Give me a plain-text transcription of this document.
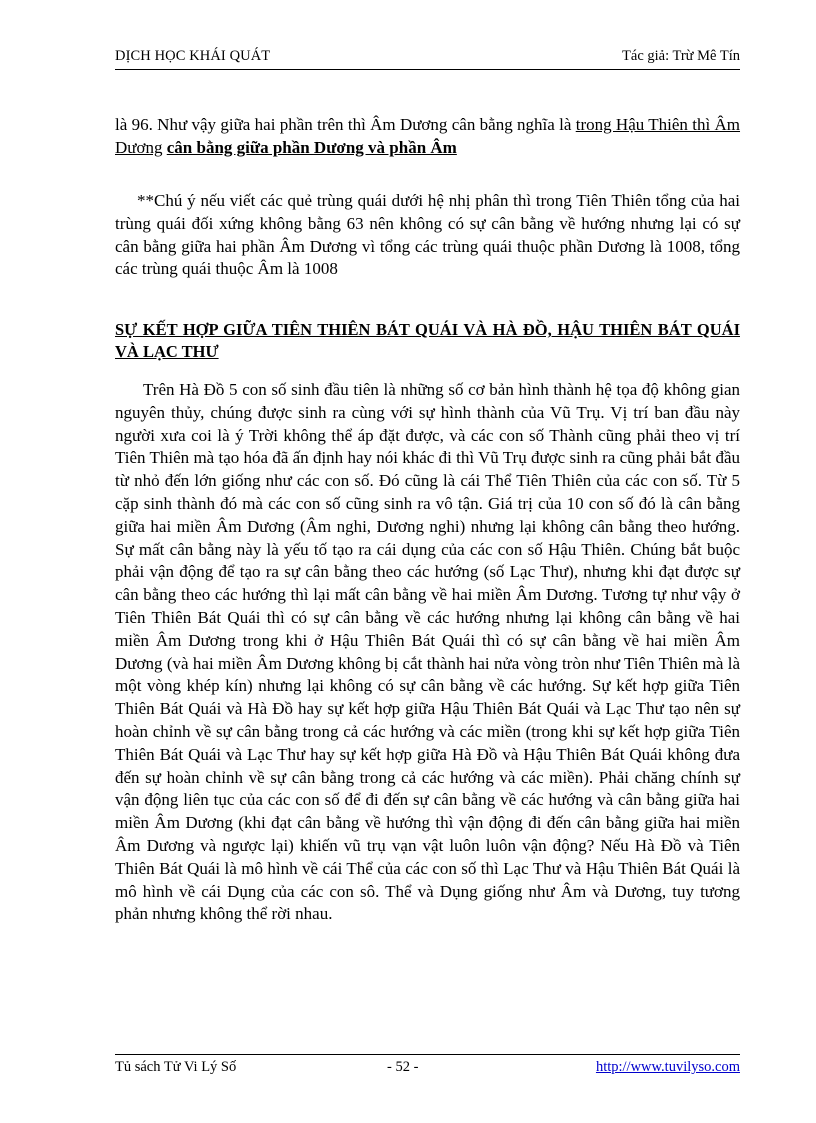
DỊCH HỌC KHÁI QUÁT	Tác giả: Trừ Mê Tín
là 96. Như vậy giữa hai phần trên thì Âm Dương cân bằng nghĩa là trong Hậu Thiên thì Âm Dương cân bằng giữa phần Dương và phần Âm
**Chú ý nếu viết các quẻ trùng quái dưới hệ nhị phân thì trong Tiên Thiên tổng của hai trùng quái đối xứng không bằng 63 nên không có sự cân bằng về hướng nhưng lại có sự cân bằng giữa hai phần Âm Dương vì tổng các trùng quái thuộc phần Dương là 1008, tổng các trùng quái thuộc Âm là 1008
SỰ KẾT HỢP GIỮA TIÊN THIÊN BÁT QUÁI VÀ HÀ ĐỒ, HẬU THIÊN BÁT QUÁI VÀ LẠC THƯ
Trên Hà Đồ 5 con số sinh đầu tiên là những số cơ bản hình thành hệ tọa độ không gian nguyên thủy, chúng được sinh ra cùng với sự hình thành của Vũ Trụ. Vị trí ban đầu này người xưa coi là ý Trời không thể áp đặt được, và các con số Thành cũng phải theo vị trí Tiên Thiên mà tạo hóa đã ấn định hay nói khác đi thì Vũ Trụ được sinh ra cũng phải bắt đầu từ nhỏ đến lớn giống như các con số. Đó cũng là cái Thể Tiên Thiên của các con số. Từ 5 cặp sinh thành đó mà các con số cũng sinh ra vô tận. Giá trị của 10 con số đó là cân bằng giữa hai miền Âm Dương (Âm nghi, Dương nghi) nhưng lại không cân bằng theo hướng. Sự mất cân bằng này là yếu tố tạo ra cái dụng của các con số Hậu Thiên. Chúng bắt buộc phải vận động để tạo ra sự cân bằng theo các hướng (số Lạc Thư), nhưng khi đạt được sự cân bằng theo các hướng thì lại mất cân bằng về hai miền Âm Dương. Tương tự như vậy ở Tiên Thiên Bát Quái thì có sự cân bằng về các hướng nhưng lại không cân bằng về hai miền Âm Dương trong khi ở Hậu Thiên Bát Quái thì có sự cân bằng về hai miền Âm Dương (và hai miền Âm Dương không bị cắt thành hai nửa vòng tròn như Tiên Thiên mà là một vòng khép kín) nhưng lại không có sự cân bằng về các hướng. Sự kết hợp giữa Tiên Thiên Bát Quái và Hà Đồ hay sự kết hợp giữa Hậu Thiên Bát Quái và Lạc Thư tạo nên sự hoàn chỉnh về sự cân bằng trong cả các hướng và các miền (trong khi sự kết hợp giữa Tiên Thiên Bát Quái và Lạc Thư hay sự kết hợp giữa Hà Đồ và Hậu Thiên Bát Quái không đưa đến sự hoàn chỉnh về sự cân bằng trong cả các hướng và các miền). Phải chăng chính sự vận động liên tục của các con số để đi đến sự cân bằng về các hướng và cân bằng giữa hai miền Âm Dương (khi đạt cân bằng về hướng thì vận động đi đến cân bằng giữa hai miền Âm Dương và ngược lại) khiến vũ trụ vạn vật luôn luôn vận động? Nếu Hà Đồ và Tiên Thiên Bát Quái là mô hình về cái Thể của các con số thì Lạc Thư và Hậu Thiên Bát Quái là mô hình về cái Dụng của các con sô. Thể và Dụng giống như Âm và Dương, tuy tương phản nhưng không thể rời nhau.
Tủ sách Tử Vi Lý Số	- 52 -	http://www.tuvilyso.com
